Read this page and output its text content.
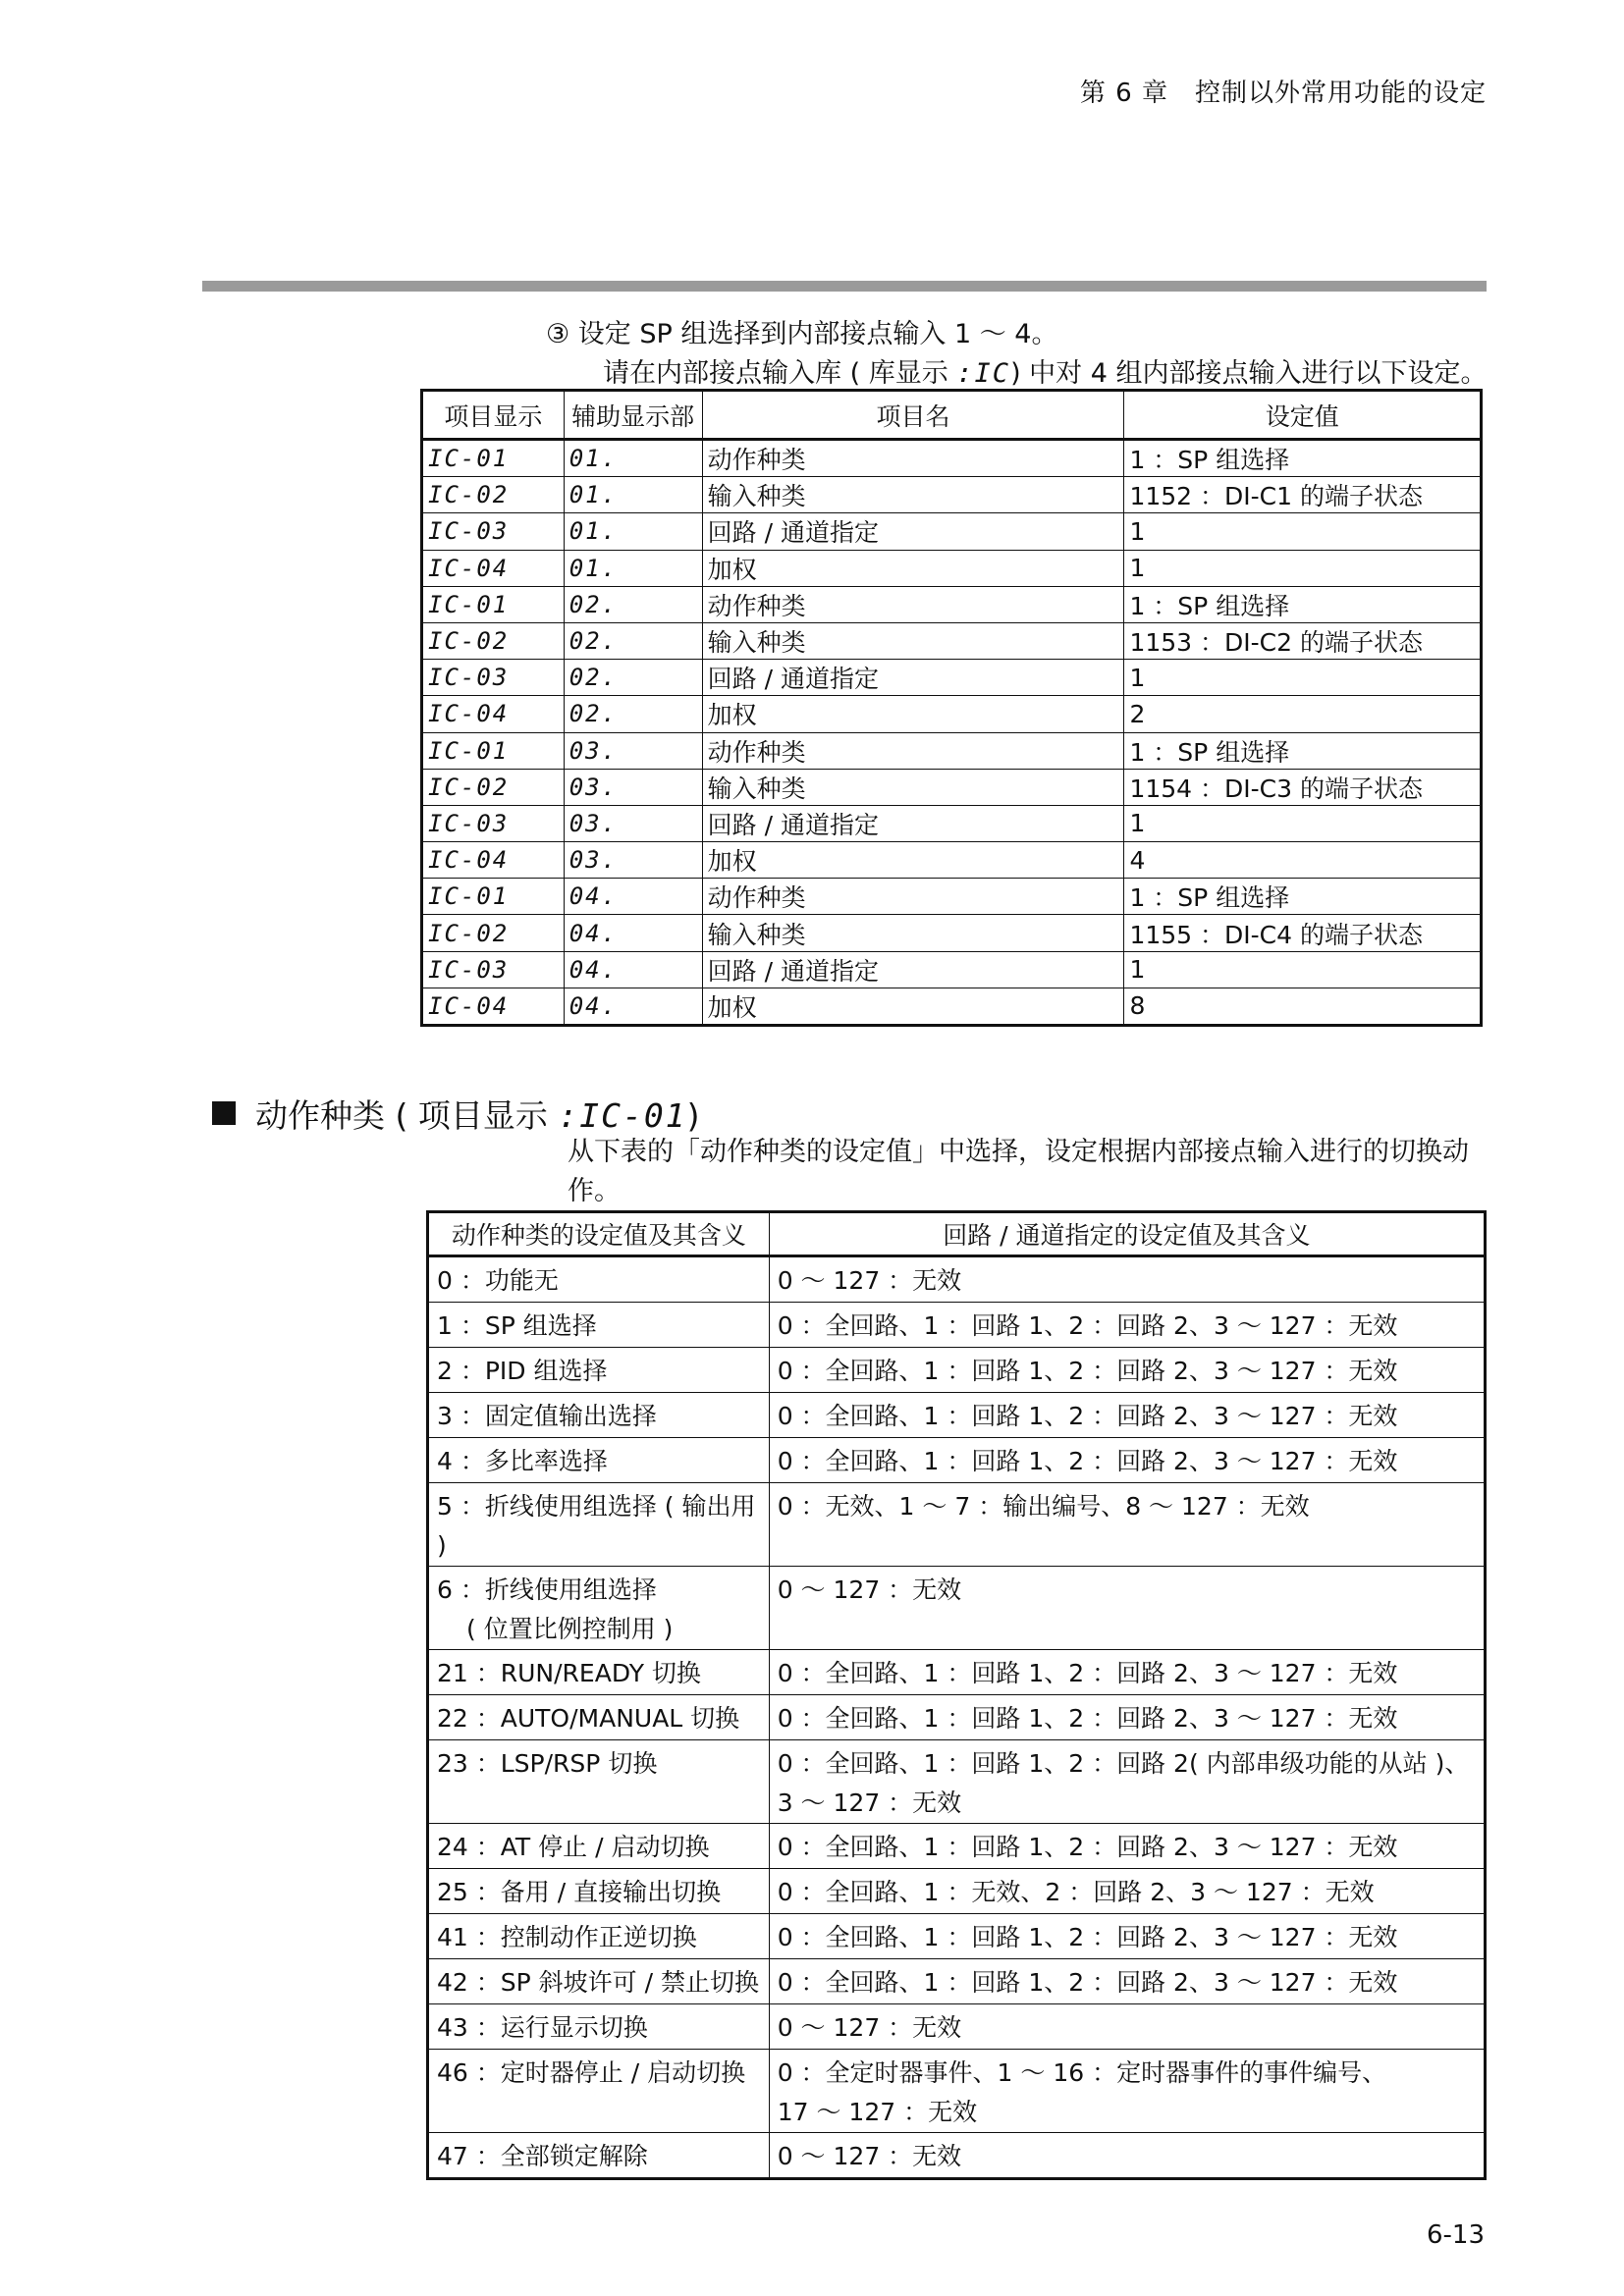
第 6 章　控制以外常用功能的设定
③ 设定 SP 组选择到内部接点输入 1 ～ 4。
请在内部接点输入库 ( 库显示 :IC) 中对 4 组内部接点输入进行以下设定。
项目显示	辅助显示部	项目名	设定值
IC-01	01.	动作种类	1 ：SP 组选择
IC-02	01.	输入种类	1152 ：DI-C1 的端子状态
IC-03	01.	回路 / 通道指定	1
IC-04	01.	加权	1
IC-01	02.	动作种类	1 ：SP 组选择
IC-02	02.	输入种类	1153 ：DI-C2 的端子状态
IC-03	02.	回路 / 通道指定	1
IC-04	02.	加权	2
IC-01	03.	动作种类	1 ：SP 组选择
IC-02	03.	输入种类	1154 ：DI-C3 的端子状态
IC-03	03.	回路 / 通道指定	1
IC-04	03.	加权	4
IC-01	04.	动作种类	1 ：SP 组选择
IC-02	04.	输入种类	1155 ：DI-C4 的端子状态
IC-03	04.	回路 / 通道指定	1
IC-04	04.	加权	8
动作种类 ( 项目显示 :IC-01)
从下表的「动作种类的设定值」中选择，设定根据内部接点输入进行的切换动作。
动作种类的设定值及其含义	回路 / 通道指定的设定值及其含义

0 ：功能无	0 ～ 127 ：无效

1 ：SP 组选择	0 ：全回路、1 ：回路 1、2 ：回路 2、3 ～ 127 ：无效

2 ：PID 组选择	0 ：全回路、1 ：回路 1、2 ：回路 2、3 ～ 127 ：无效

3 ：固定值输出选择	0 ：全回路、1 ：回路 1、2 ：回路 2、3 ～ 127 ：无效

4 ：多比率选择	0 ：全回路、1 ：回路 1、2 ：回路 2、3 ～ 127 ：无效

5 ：折线使用组选择 ( 输出用 )	0 ：无效、1 ～ 7 ：输出编号、8 ～ 127 ：无效

6 ：折线使用组选择
( 位置比例控制用 )	0 ～ 127 ：无效

21 ：RUN/READY 切换	0 ：全回路、1 ：回路 1、2 ：回路 2、3 ～ 127 ：无效

22 ：AUTO/MANUAL 切换	0 ：全回路、1 ：回路 1、2 ：回路 2、3 ～ 127 ：无效

23 ：LSP/RSP 切换	0 ：全回路、1 ：回路 1、2 ：回路 2( 内部串级功能的从站 )、
3 ～ 127 ：无效

24 ：AT 停止 / 启动切换	0 ：全回路、1 ：回路 1、2 ：回路 2、3 ～ 127 ：无效

25 ：备用 / 直接输出切换	0 ：全回路、1 ：无效、2 ：回路 2、3 ～ 127 ：无效

41 ：控制动作正逆切换	0 ：全回路、1 ：回路 1、2 ：回路 2、3 ～ 127 ：无效

42 ：SP 斜坡许可 / 禁止切换	0 ：全回路、1 ：回路 1、2 ：回路 2、3 ～ 127 ：无效

43 ：运行显示切换	0 ～ 127 ：无效

46 ：定时器停止 / 启动切换	0 ：全定时器事件、1 ～ 16 ：定时器事件的事件编号、
17 ～ 127 ：无效

47 ：全部锁定解除	0 ～ 127 ：无效
6-13
